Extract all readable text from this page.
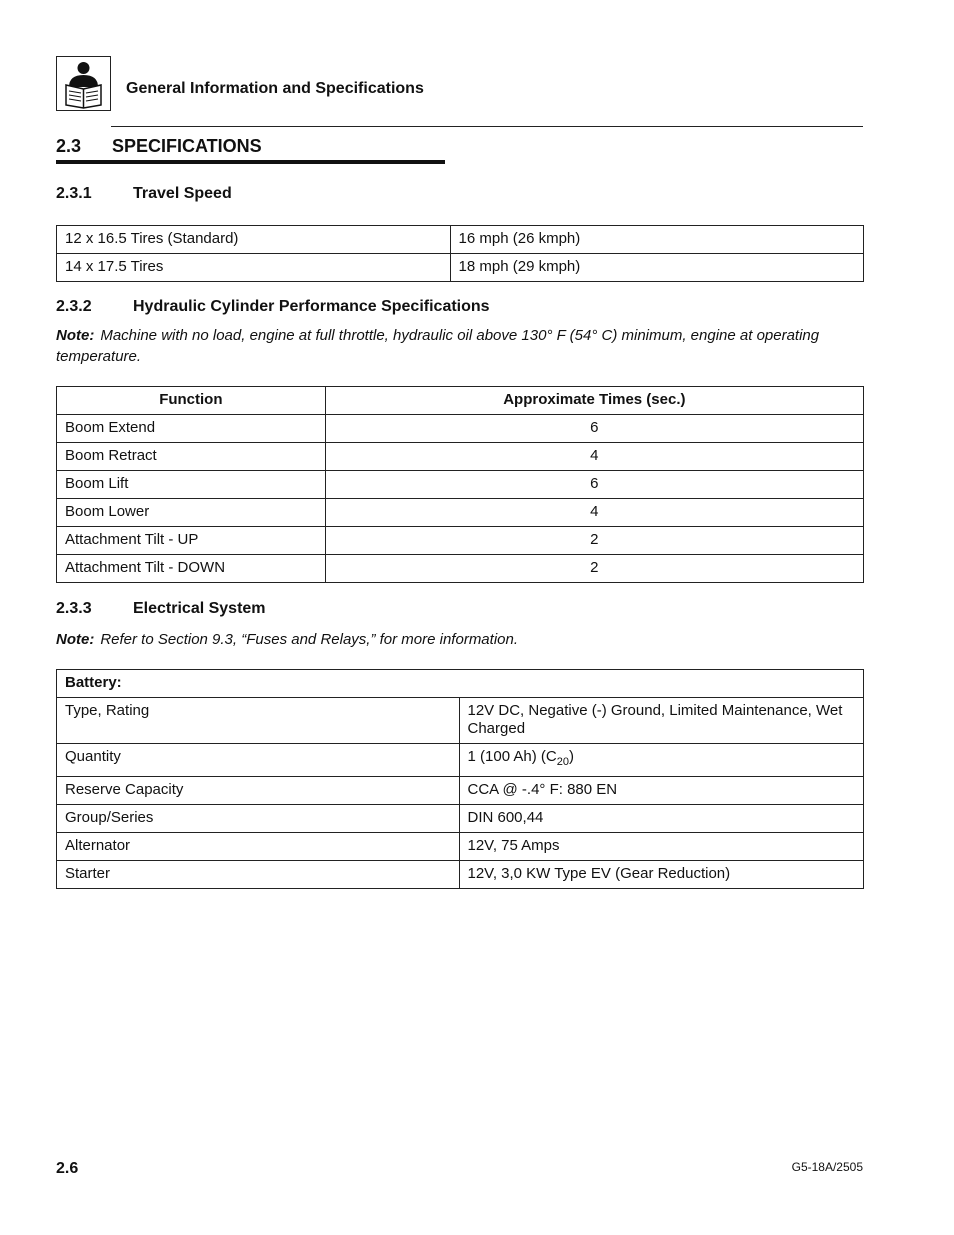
General Information and Specifications
2.3 SPECIFICATIONS
2.3.1	Travel Speed
12 x 16.5 Tires (Standard)	16 mph (26 kmph)
14 x 17.5 Tires	18 mph (29 kmph)
2.3.2	Hydraulic Cylinder Performance Specifications
Note: Machine with no load, engine at full throttle, hydraulic oil above 130° F (54° C) minimum, engine at operating temperature.
Function	Approximate Times (sec.)
Boom Extend	6
Boom Retract	4
Boom Lift	6
Boom Lower	4
Attachment Tilt - UP	2
Attachment Tilt - DOWN	2
2.3.3	Electrical System
Note: Refer to Section 9.3, “Fuses and Relays,” for more information.
Battery:	
Type, Rating	12V DC, Negative (-) Ground, Limited Maintenance, Wet Charged
Quantity	1 (100 Ah) $(C_{20})$
Reserve Capacity	CCA @ -.4° F: 880 EN
Group/Series	DIN 600,44
Alternator	12V, 75 Amps
Starter	12V, 3,0 KW Type EV (Gear Reduction)
2.6	G5-18A/2505
